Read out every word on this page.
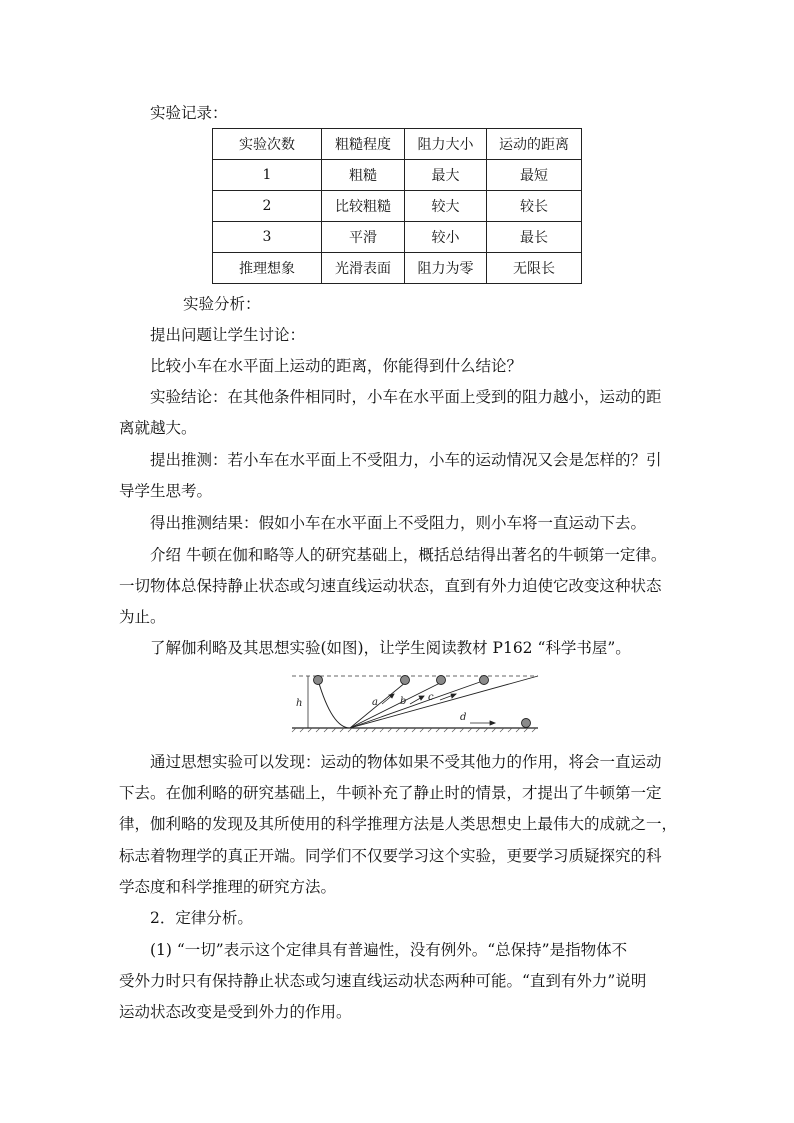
实验记录：
实验次数	粗糙程度	阻力大小	运动的距离
1	粗糙	最大	最短
2	比较粗糙	较大	较长
3	平滑	较小	最长
推理想象	光滑表面	阻力为零	无限长
实验分析：
提出问题让学生讨论：
比较小车在水平面上运动的距离，你能得到什么结论？
实验结论：在其他条件相同时，小车在水平面上受到的阻力越小，运动的距
离就越大。
提出推测：若小车在水平面上不受阻力，小车的运动情况又会是怎样的？引
导学生思考。
得出推测结果：假如小车在水平面上不受阻力，则小车将一直运动下去。
介绍 牛顿在伽和略等人的研究基础上，概括总结得出著名的牛顿第一定律。
一切物体总保持静止状态或匀速直线运动状态，直到有外力迫使它改变这种状态
为止。
了解伽利略及其思想实验(如图)，让学生阅读教材 P162 “科学书屋”。
h	a b c
d
通过思想实验可以发现：运动的物体如果不受其他力的作用，将会一直运动
下去。在伽利略的研究基础上，牛顿补充了静止时的情景，才提出了牛顿第一定
律，伽利略的发现及其所使用的科学推理方法是人类思想史上最伟大的成就之一，
标志着物理学的真正开端。同学们不仅要学习这个实验，更要学习质疑探究的科
学态度和科学推理的研究方法。
2．定律分析。
(1) “一切”表示这个定律具有普遍性，没有例外。“总保持”是指物体不
受外力时只有保持静止状态或匀速直线运动状态两种可能。“直到有外力”说明
运动状态改变是受到外力的作用。
